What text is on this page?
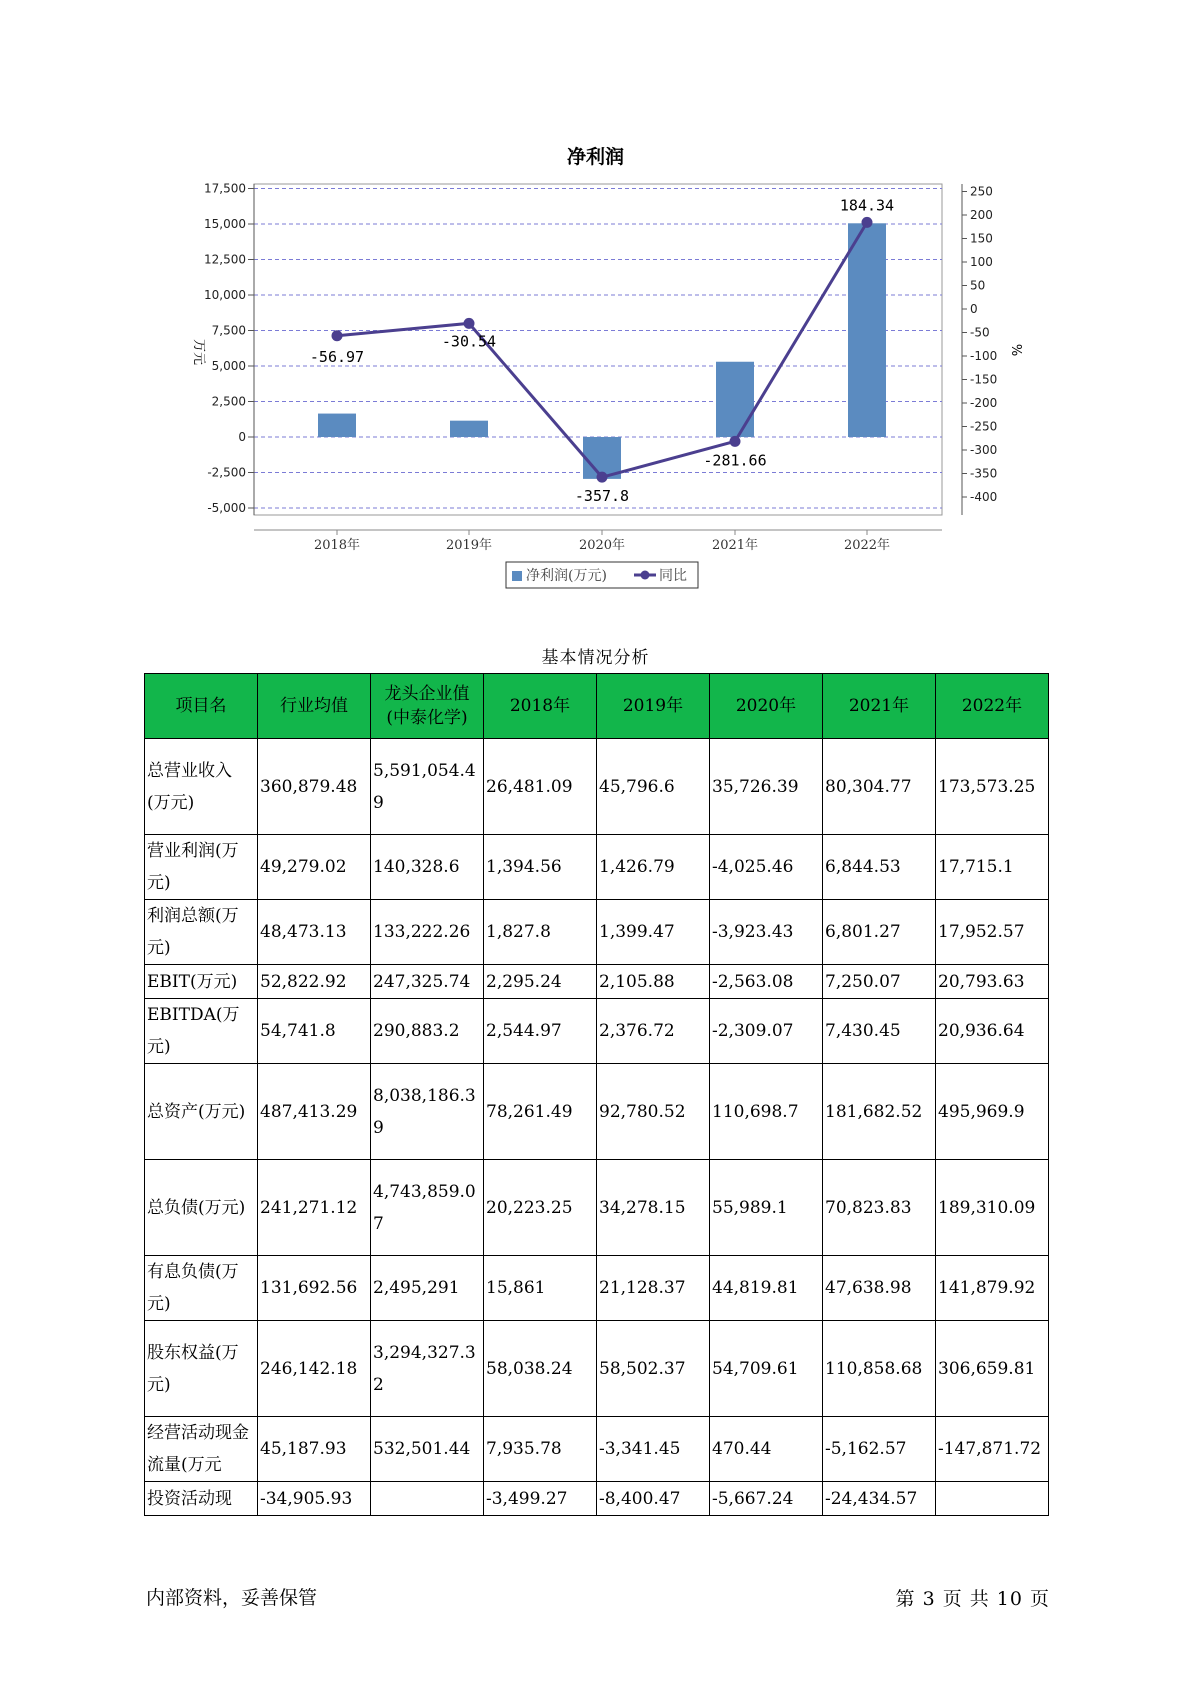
净利润
17,500
15,000
12,500
10,000
7,500
5,000
2,500
0
-2,500
-5,000
250
200
150
100
50
0
-50
-100
-150
-200
-250
-300
-350
-400
2018年	2019年	2020年	2021年	2022年
万元	%
-56.97
-30.54
-357.8
-281.66
184.34
净利润(万元)	同比
基本情况分析
项目名	行业均值	龙头企业值(中泰化学)	2018年	2019年	2020年	2021年	2022年
总营业收入(万元)	360,879.48	5,591,054.49	26,481.09	45,796.6	35,726.39	80,304.77	173,573.25
营业利润(万元)	49,279.02	140,328.6	1,394.56	1,426.79	-4,025.46	6,844.53	17,715.1
利润总额(万元)	48,473.13	133,222.26	1,827.8	1,399.47	-3,923.43	6,801.27	17,952.57
EBIT(万元)	52,822.92	247,325.74	2,295.24	2,105.88	-2,563.08	7,250.07	20,793.63
EBITDA(万元)	54,741.8	290,883.2	2,544.97	2,376.72	-2,309.07	7,430.45	20,936.64
总资产(万元)	487,413.29	8,038,186.39	78,261.49	92,780.52	110,698.7	181,682.52	495,969.9
总负债(万元)	241,271.12	4,743,859.07	20,223.25	34,278.15	55,989.1	70,823.83	189,310.09
有息负债(万元)	131,692.56	2,495,291	15,861	21,128.37	44,819.81	47,638.98	141,879.92
股东权益(万元)	246,142.18	3,294,327.32	58,038.24	58,502.37	54,709.61	110,858.68	306,659.81
经营活动现金流量(万元	45,187.93	532,501.44	7,935.78	-3,341.45	470.44	-5,162.57	-147,871.72
投资活动现	-34,905.93		-3,499.27	-8,400.47	-5,667.24	-24,434.57	
内部资料，妥善保管	第 3 页 共 10 页
